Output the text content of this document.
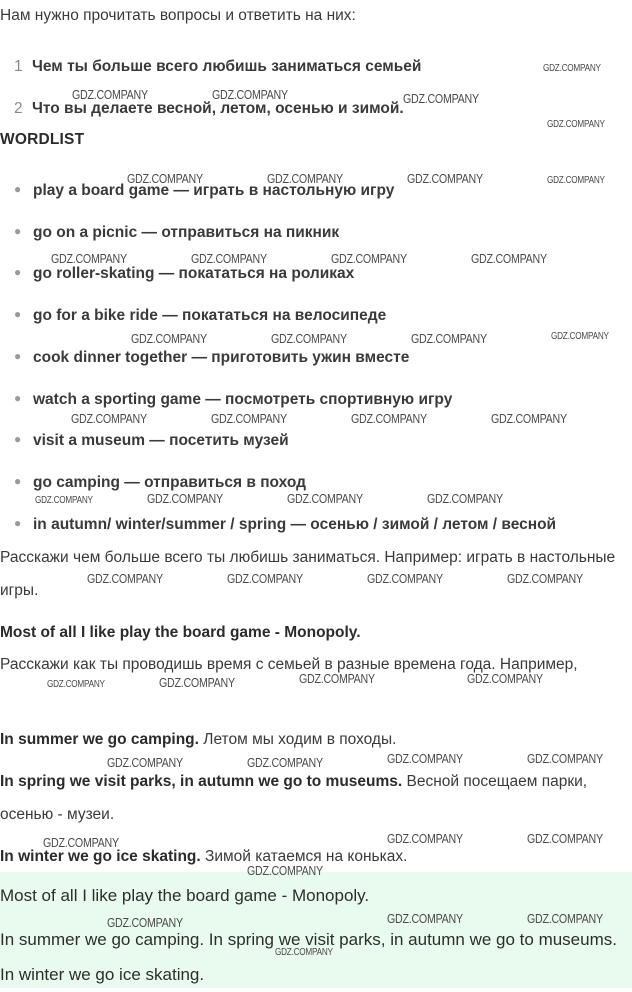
Нам нужно прочитать вопросы и ответить на них:
1 Чем ты больше всего любишь заниматься семьей
2 Что вы делаете весной, летом, осенью и зимой.
WORDLIST
● play a board game — играть в настольную игру
● go on a picnic — отправиться на пикник
● go roller-skating — покататься на роликах
● go for a bike ride — покататься на велосипеде
● cook dinner together — приготовить ужин вместе
● watch a sporting game — посмотреть спортивную игру
● visit a museum — посетить музей
● go camping — отправиться в поход
● in autumn/ winter/summer / spring — осенью / зимой / летом / весной
Расскажи чем больше всего ты любишь заниматься. Например: играть в настольные игры.
Most of all I like play the board game - Monopoly.
Расскажи как ты проводишь время с семьей в разные времена года. Например,
In summer we go camping. Летом мы ходим в походы.
In spring we visit parks, in autumn we go to museums. Весной посещаем парки, осенью - музеи.
In winter we go ice skating. Зимой катаемся на коньках.
Most of all I like play the board game - Monopoly.
In summer we go camping. In spring we visit parks, in autumn we go to museums. In winter we go ice skating.
GDZ.COMPANY
GDZ.COMPANY	GDZ.COMPANY	GDZ.COMPANY
GDZ.COMPANY
GDZ.COMPANY	GDZ.COMPANY	GDZ.COMPANY	GDZ.COMPANY
GDZ.COMPANY	GDZ.COMPANY	GDZ.COMPANY	GDZ.COMPANY
GDZ.COMPANY	GDZ.COMPANY	GDZ.COMPANY	GDZ.COMPANY
GDZ.COMPANY	GDZ.COMPANY	GDZ.COMPANY	GDZ.COMPANY
GDZ.COMPANY	GDZ.COMPANY	GDZ.COMPANY	GDZ.COMPANY
GDZ.COMPANY	GDZ.COMPANY	GDZ.COMPANY	GDZ.COMPANY
GDZ.COMPANY	GDZ.COMPANY	GDZ.COMPANY	GDZ.COMPANY
GDZ.COMPANY	GDZ.COMPANY	GDZ.COMPANY	GDZ.COMPANY
GDZ.COMPANY	GDZ.COMPANY	GDZ.COMPANY
GDZ.COMPANY
GDZ.COMPANY	GDZ.COMPANY	GDZ.COMPANY
GDZ.COMPANY
